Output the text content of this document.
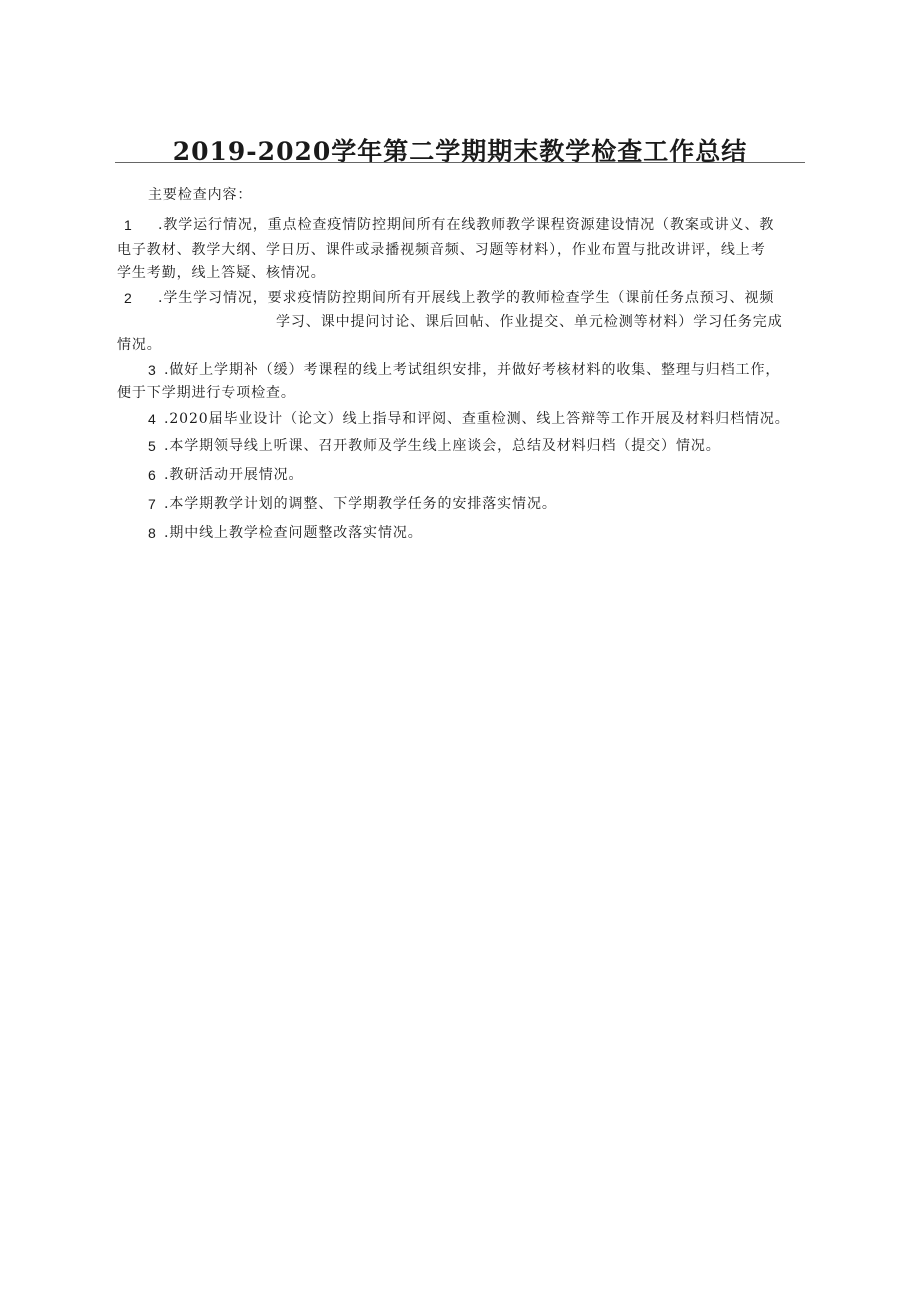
2019-2020学年第二学期期末教学检查工作总结
主要检查内容：
1 .教学运行情况，重点检查疫情防控期间所有在线教师教学课程资源建设情况（教案或讲义、教
电子教材、教学大纲、学日历、课件或录播视频音频、习题等材料），作业布置与批改讲评，线上考
学生考勤，线上答疑、核情况。
2 .学生学习情况，要求疫情防控期间所有开展线上教学的教师检查学生（课前任务点预习、视频
学习、课中提问讨论、课后回帖、作业提交、单元检测等材料）学习任务完成
情况。
3 .做好上学期补（缓）考课程的线上考试组织安排，并做好考核材料的收集、整理与归档工作，
便于下学期进行专项检查。
4 .2020届毕业设计（论文）线上指导和评阅、查重检测、线上答辩等工作开展及材料归档情况。
5 .本学期领导线上听课、召开教师及学生线上座谈会，总结及材料归档（提交）情况。
6 .教研活动开展情况。
7 .本学期教学计划的调整、下学期教学任务的安排落实情况。
8 .期中线上教学检查问题整改落实情况。
